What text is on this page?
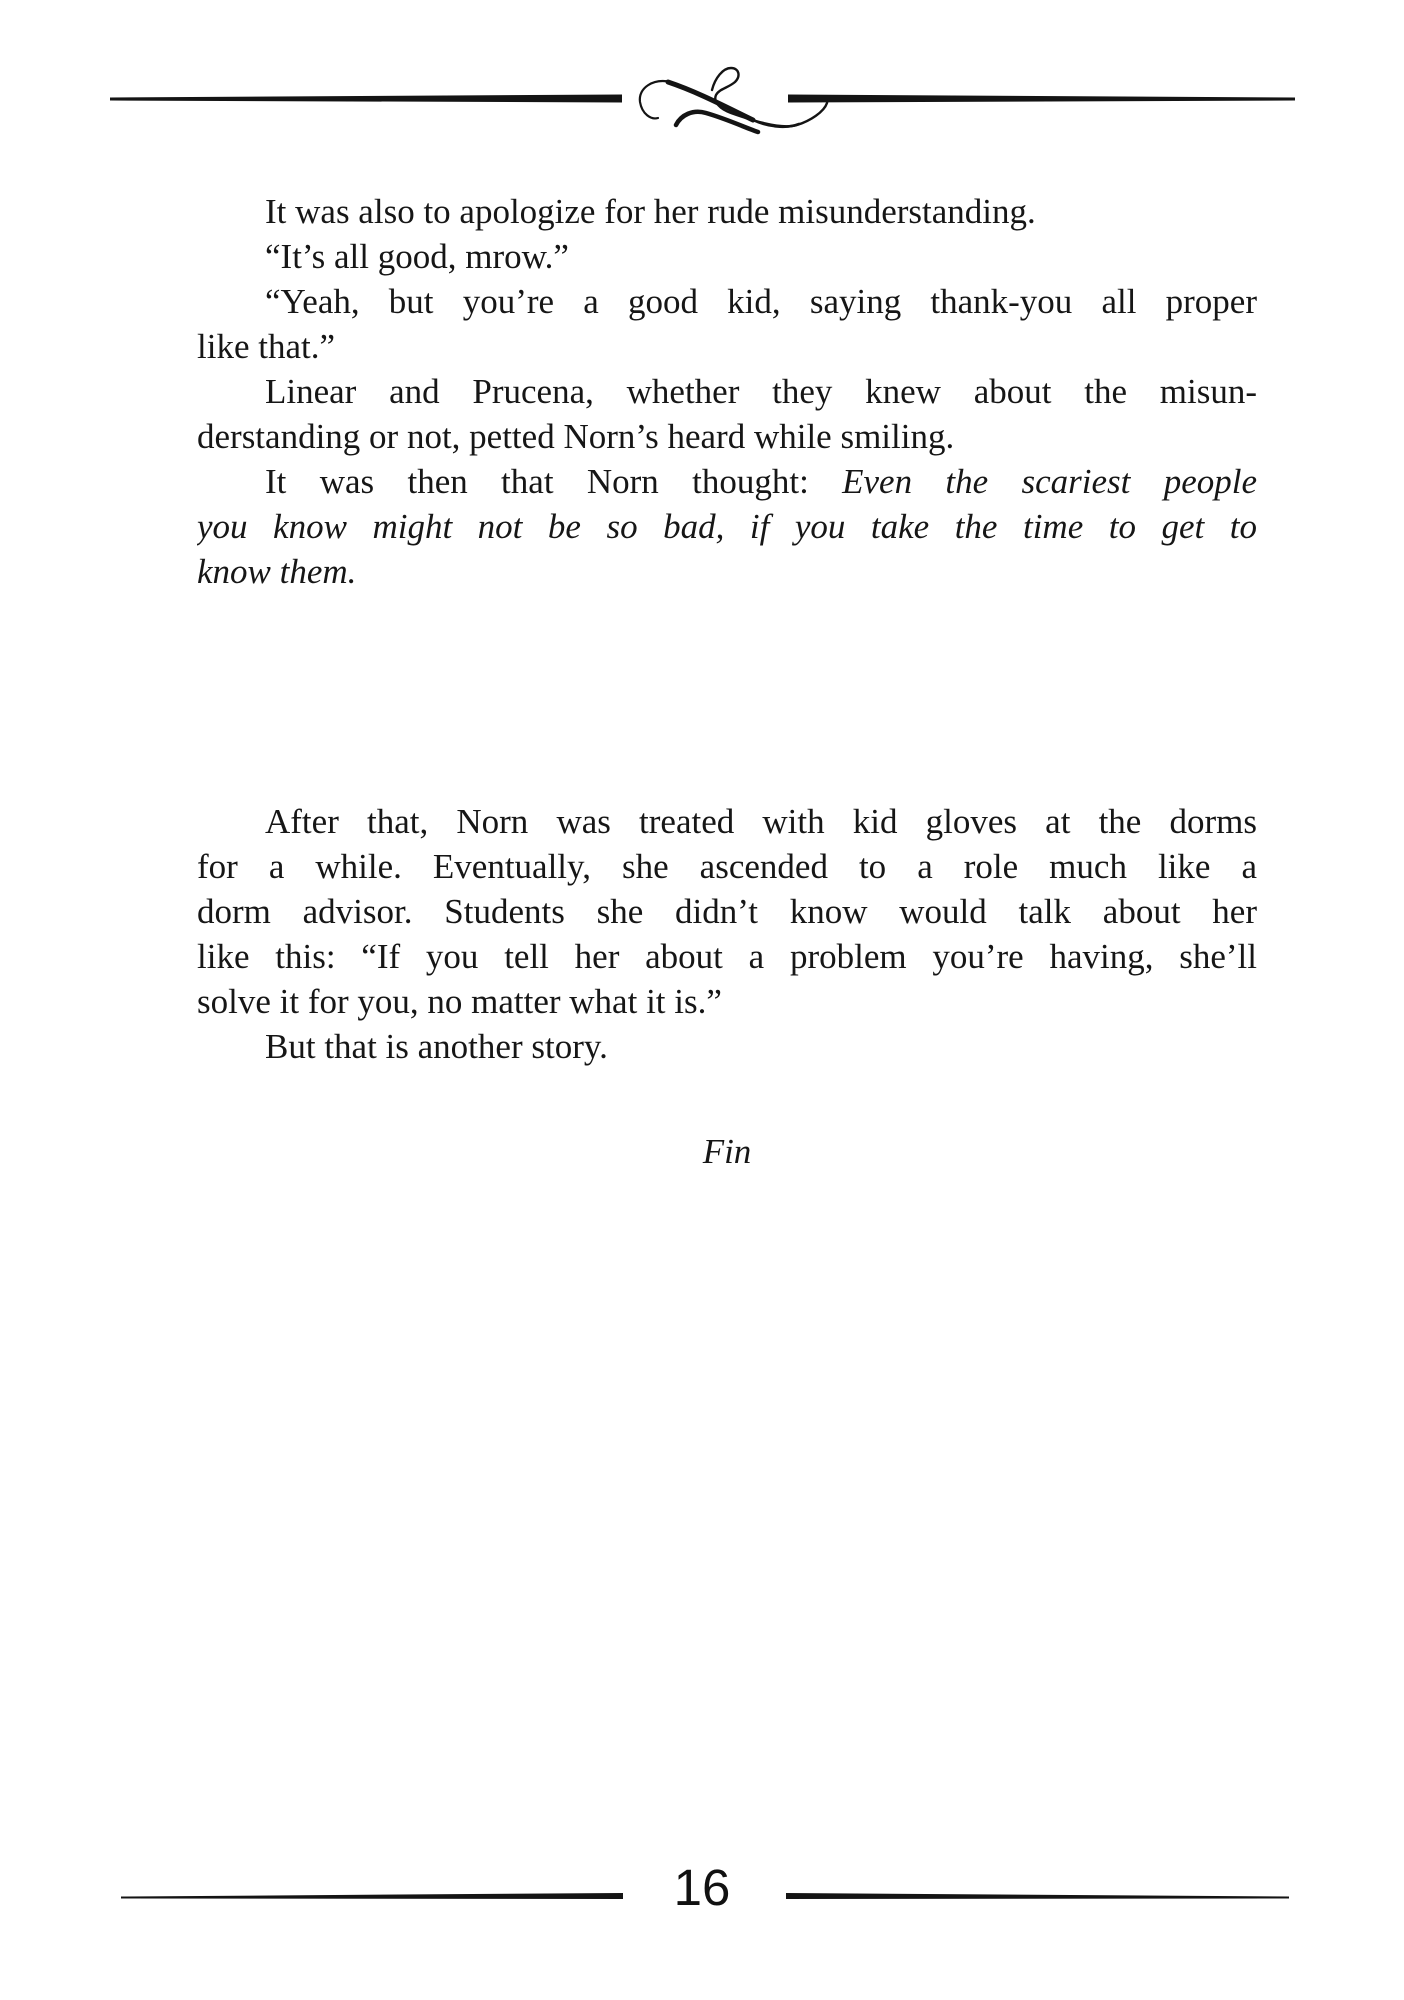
It was also to apologize for her rude misunderstanding.
“It’s all good, mrow.”
“Yeah, but you’re a good kid, saying thank-you all proper
like that.”
Linear and Prucena, whether they knew about the misun-
derstanding or not, petted Norn’s heard while smiling.
It was then that Norn thought: Even the scariest people
you know might not be so bad, if you take the time to get to
know them.
After that, Norn was treated with kid gloves at the dorms
for a while. Eventually, she ascended to a role much like a
dorm advisor. Students she didn’t know would talk about her
like this: “If you tell her about a problem you’re having, she’ll
solve it for you, no matter what it is.”
But that is another story.
Fin
16
